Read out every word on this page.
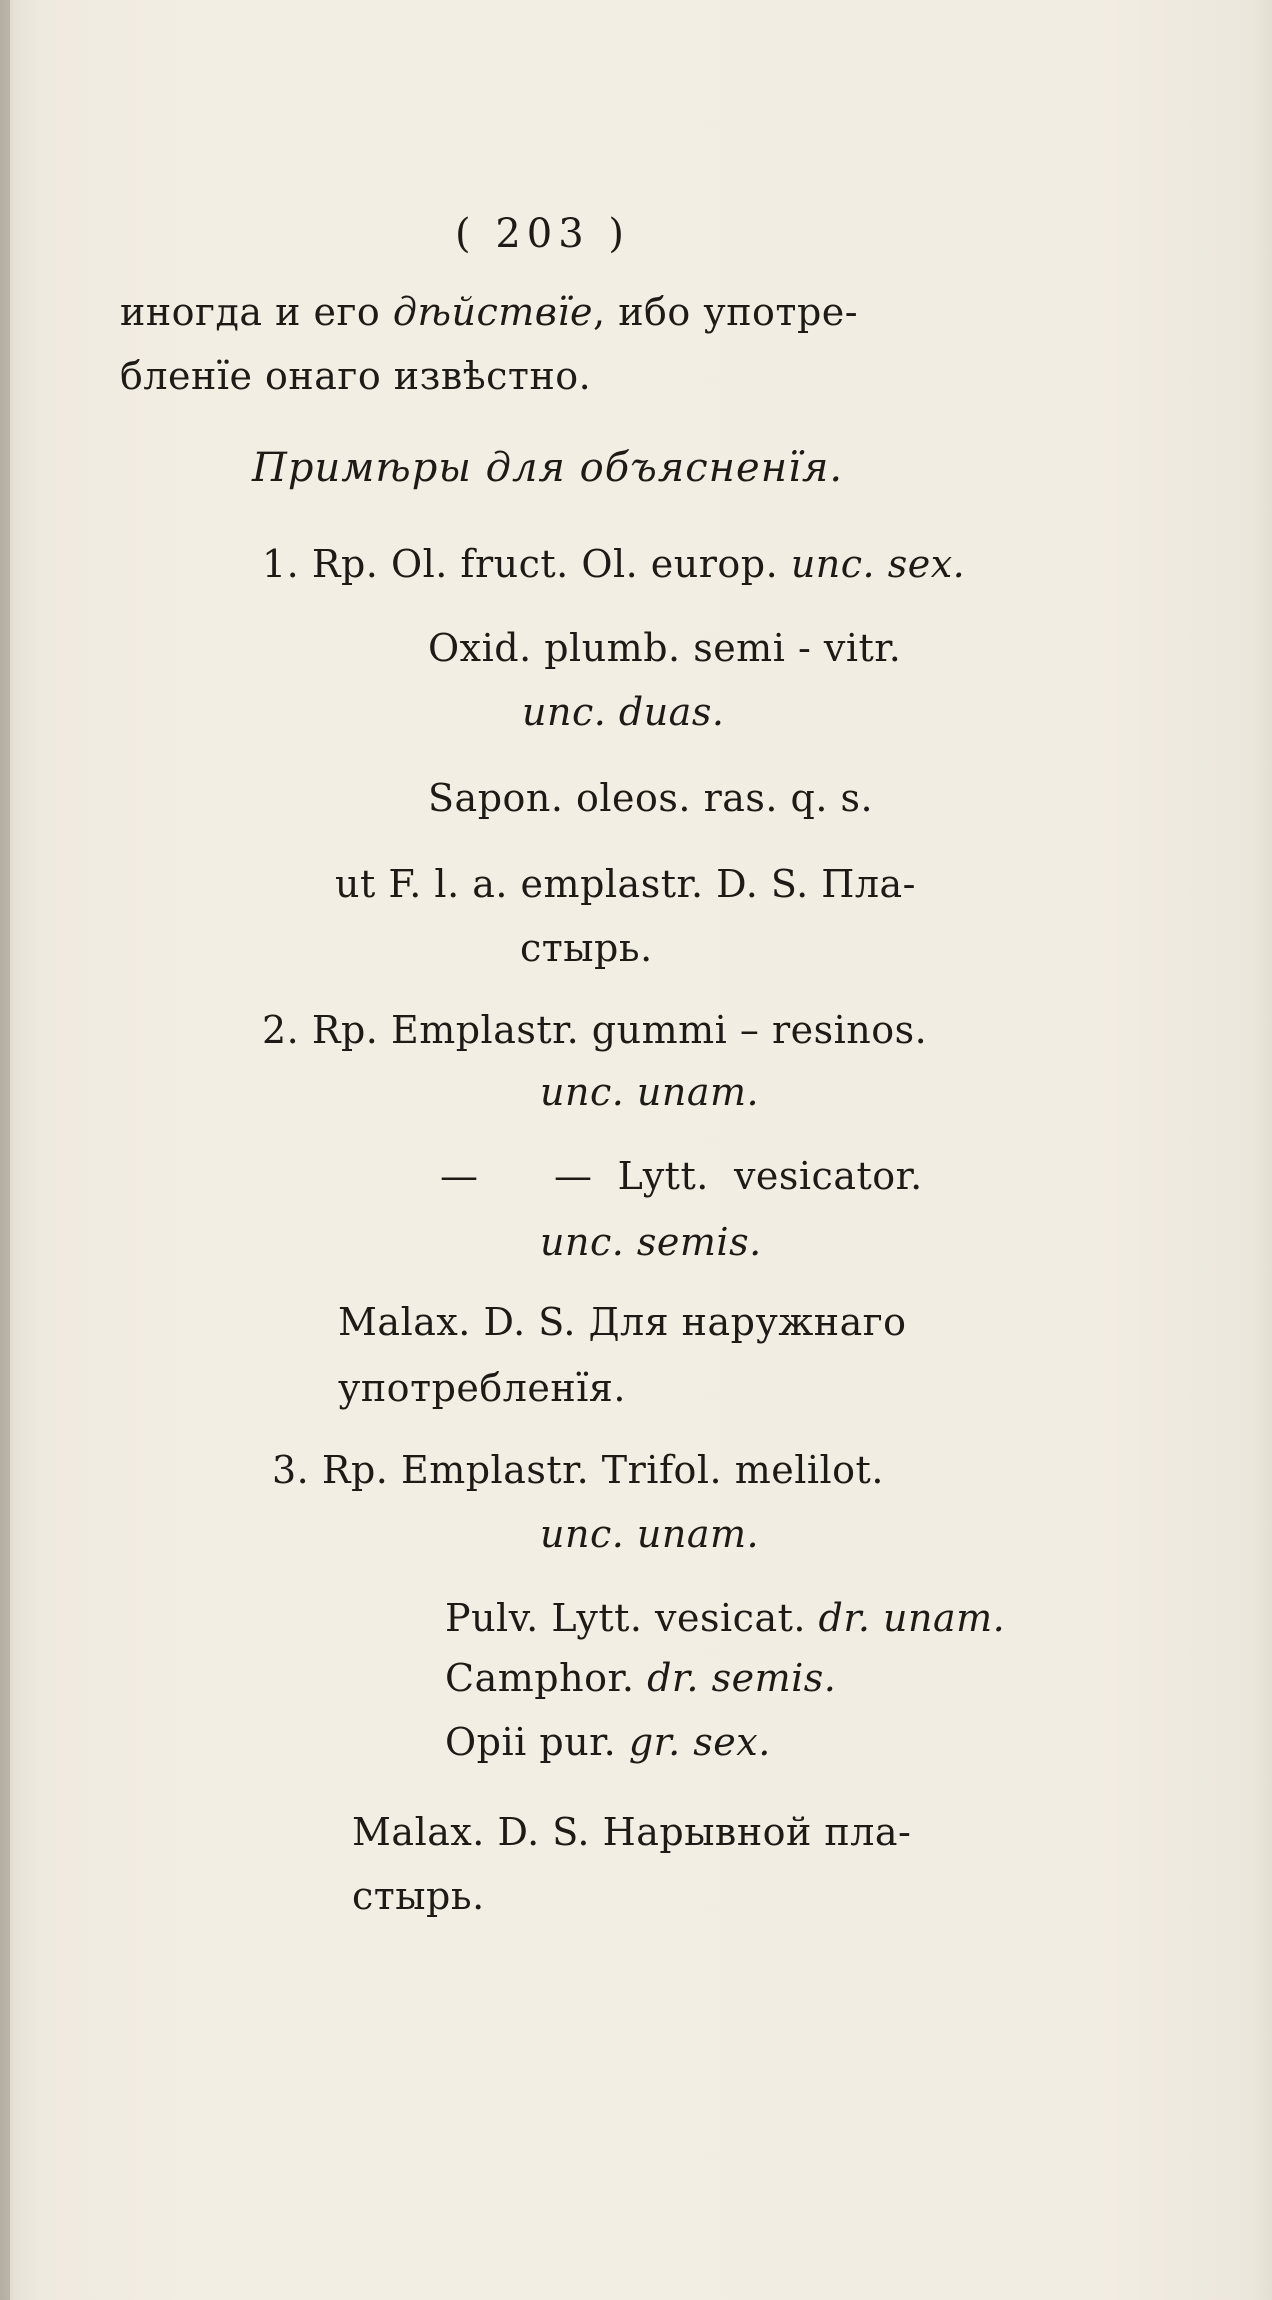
( 203 )
иногда и его дѣйствїе, ибо употре-
бленїе онаго извѣстно.
Примѣры для объясненїя.
1. Rp. Ol. fruct. Ol. europ. unc. sex.
Oxid. plumb. semi - vitr.
unc. duas.
Sapon. oleos. ras. q. s.
ut F. l. a. emplastr. D. S. Пла-
стырь.
2. Rp. Emplastr. gummi – resinos.
unc. unam.
—      —  Lytt.  vesicator.
unc. semis.
Malax. D. S. Для наружнаго
употребленїя.
3. Rp. Emplastr. Trifol. melilot.
unc. unam.
Pulv. Lytt. vesicat. dr. unam.
Camphor. dr. semis.
Opii pur. gr. sex.
Malax. D. S. Нарывной пла-
стырь.
